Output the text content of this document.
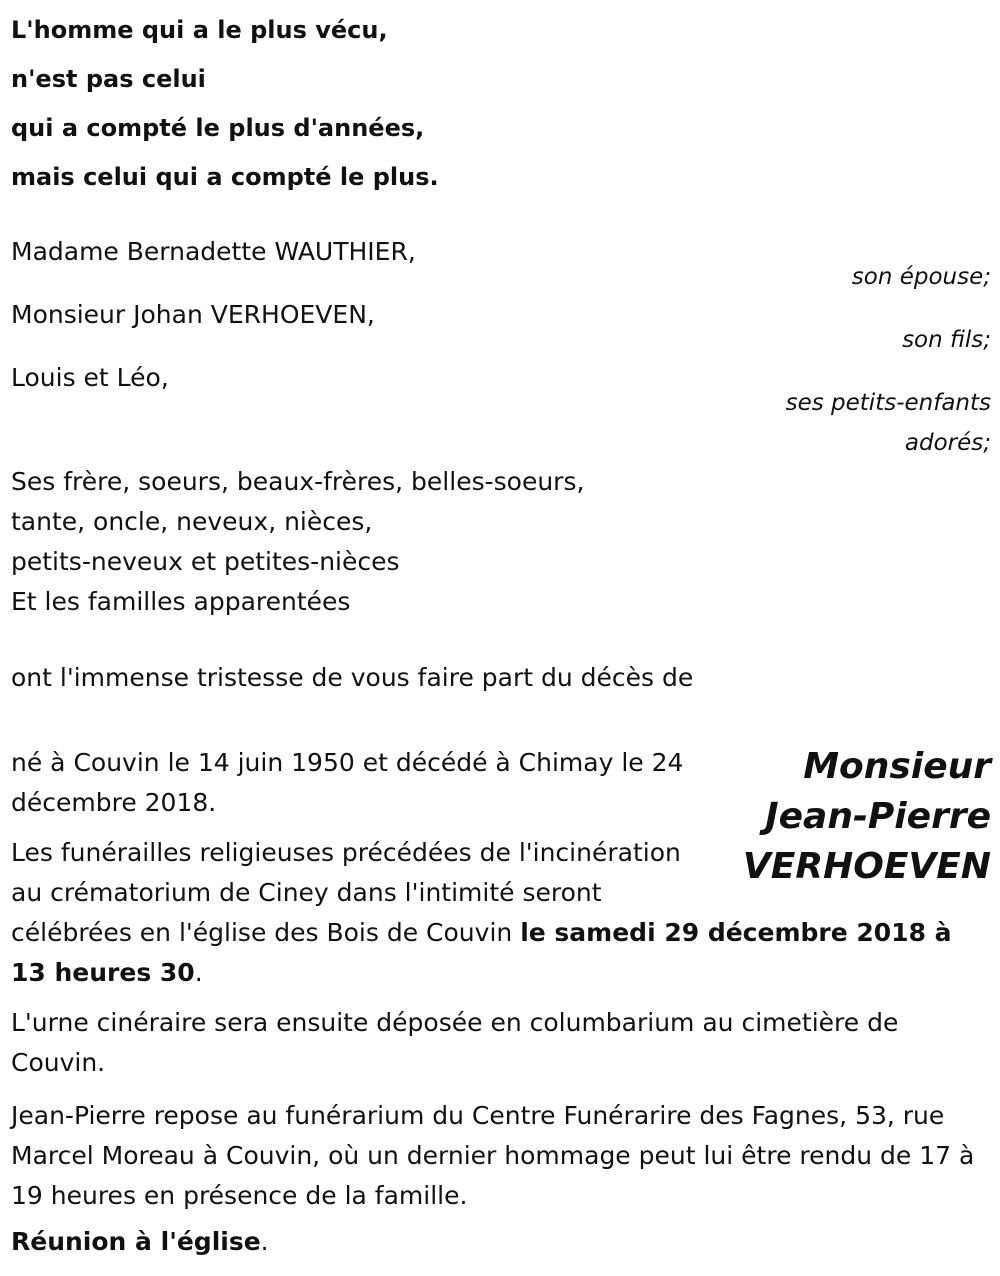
L'homme qui a le plus vécu,
n'est pas celui
qui a compté le plus d'années,
mais celui qui a compté le plus.
Madame Bernadette WAUTHIER,
son épouse;
Monsieur Johan VERHOEVEN,
son fils;
Louis et Léo,
ses petits-enfants
adorés;
Ses frère, soeurs, beaux-frères, belles-soeurs,
tante, oncle, neveux, nièces,
petits-neveux et petites-nièces
Et les familles apparentées
ont l'immense tristesse de vous faire part du décès de
Monsieur
Jean-Pierre
VERHOEVEN
né à Couvin le 14 juin 1950 et décédé à Chimay le 24 décembre 2018.
Les funérailles religieuses précédées de l'incinération
au crématorium de Ciney dans l'intimité seront
célébrées en l'église des Bois de Couvin le samedi 29 décembre 2018 à
13 heures 30.
L'urne cinéraire sera ensuite déposée en columbarium au cimetière de Couvin.
Jean-Pierre repose au funérarium du Centre Funérarire des Fagnes, 53, rue Marcel Moreau à Couvin, où un dernier hommage peut lui être rendu de 17 à 19 heures en présence de la famille.
Réunion à l'église.
